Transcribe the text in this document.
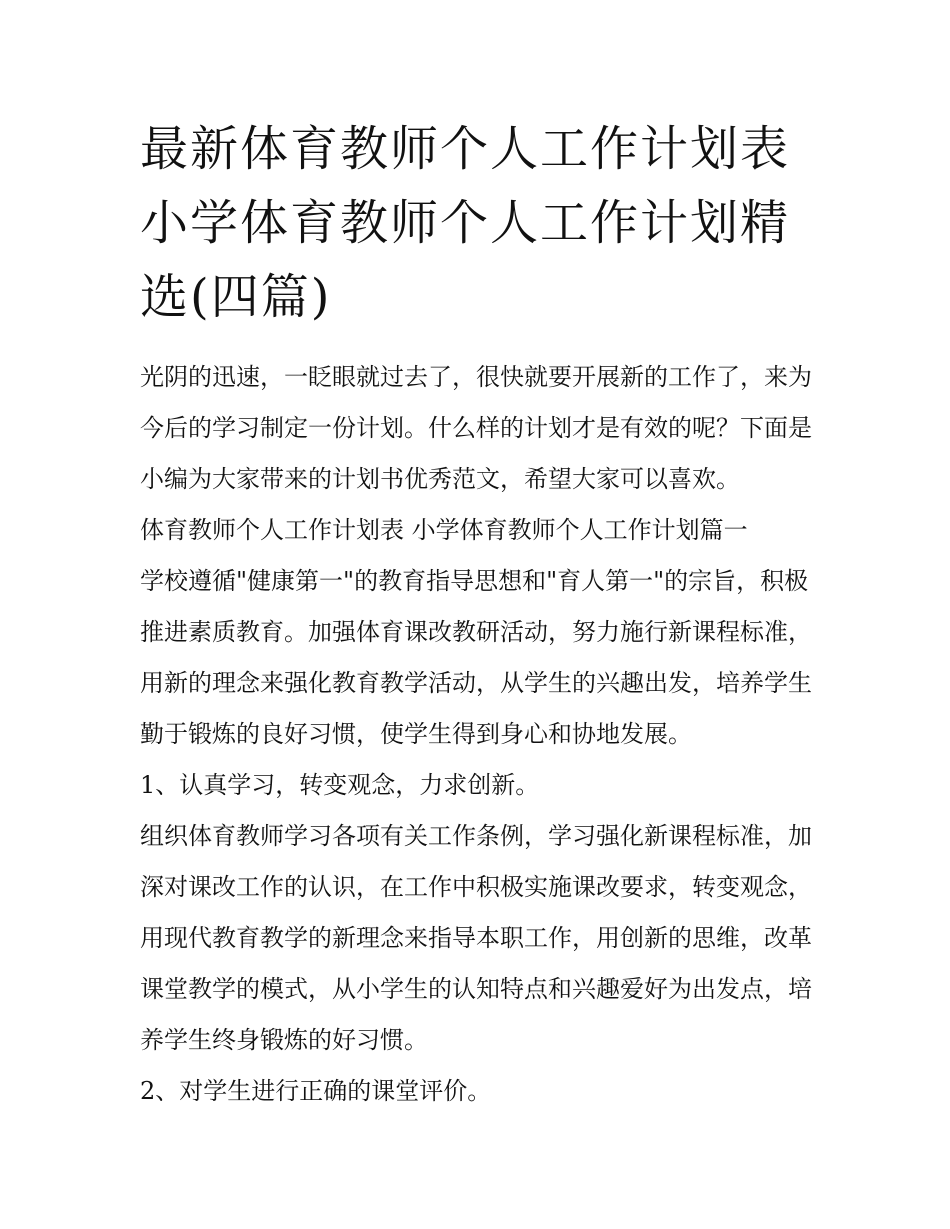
最新体育教师个人工作计划表 小学体育教师个人工作计划精选(四篇)

光阴的迅速，一眨眼就过去了，很快就要开展新的工作了，来为今后的学习制定一份计划。什么样的计划才是有效的呢？下面是小编为大家带来的计划书优秀范文，希望大家可以喜欢。

体育教师个人工作计划表 小学体育教师个人工作计划篇一

学校遵循"健康第一"的教育指导思想和"育人第一"的宗旨，积极推进素质教育。加强体育课改教研活动，努力施行新课程标准，用新的理念来强化教育教学活动，从学生的兴趣出发，培养学生勤于锻炼的良好习惯，使学生得到身心和协地发展。

1、认真学习，转变观念，力求创新。

组织体育教师学习各项有关工作条例，学习强化新课程标准，加深对课改工作的认识，在工作中积极实施课改要求，转变观念，用现代教育教学的新理念来指导本职工作，用创新的思维，改革课堂教学的模式，从小学生的认知特点和兴趣爱好为出发点，培养学生终身锻炼的好习惯。

2、对学生进行正确的课堂评价。
